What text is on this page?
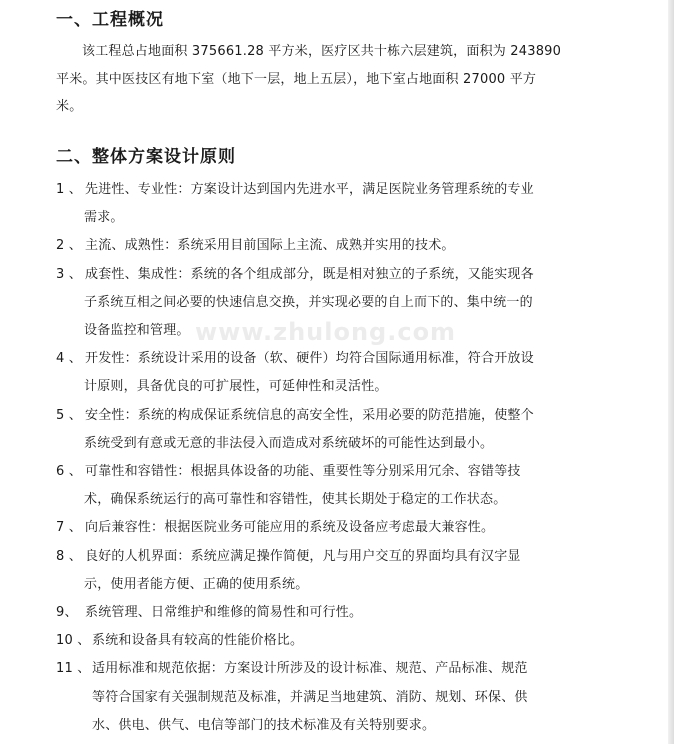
一、工程概况
该工程总占地面积 375661.28 平方米，医疗区共十栋六层建筑，面积为 243890
平米。其中医技区有地下室（地下一层，地上五层），地下室占地面积 27000 平方
米。
二、整体方案设计原则
1 、 先进性、专业性：方案设计达到国内先进水平，满足医院业务管理系统的专业
需求。
2 、 主流、成熟性：系统采用目前国际上主流、成熟并实用的技术。
3 、 成套性、集成性：系统的各个组成部分，既是相对独立的子系统，又能实现各
子系统互相之间必要的快速信息交换，并实现必要的自上而下的、集中统一的
设备监控和管理。
4 、 开发性：系统设计采用的设备（软、硬件）均符合国际通用标准，符合开放设
计原则，具备优良的可扩展性，可延伸性和灵活性。
5 、 安全性：系统的构成保证系统信息的高安全性，采用必要的防范措施，使整个
系统受到有意或无意的非法侵入而造成对系统破坏的可能性达到最小。
6 、 可靠性和容错性：根据具体设备的功能、重要性等分别采用冗余、容错等技
术，确保系统运行的高可靠性和容错性，使其长期处于稳定的工作状态。
7 、 向后兼容性：根据医院业务可能应用的系统及设备应考虑最大兼容性。
8 、 良好的人机界面：系统应满足操作简便，凡与用户交互的界面均具有汉字显
示，使用者能方便、正确的使用系统。
9、 系统管理、日常维护和维修的简易性和可行性。
10 、 系统和设备具有较高的性能价格比。
11 、 适用标准和规范依据：方案设计所涉及的设计标准、规范、产品标准、规范
等符合国家有关强制规范及标准，并满足当地建筑、消防、规划、环保、供
水、供电、供气、电信等部门的技术标准及有关特别要求。
www.zhulong.com
